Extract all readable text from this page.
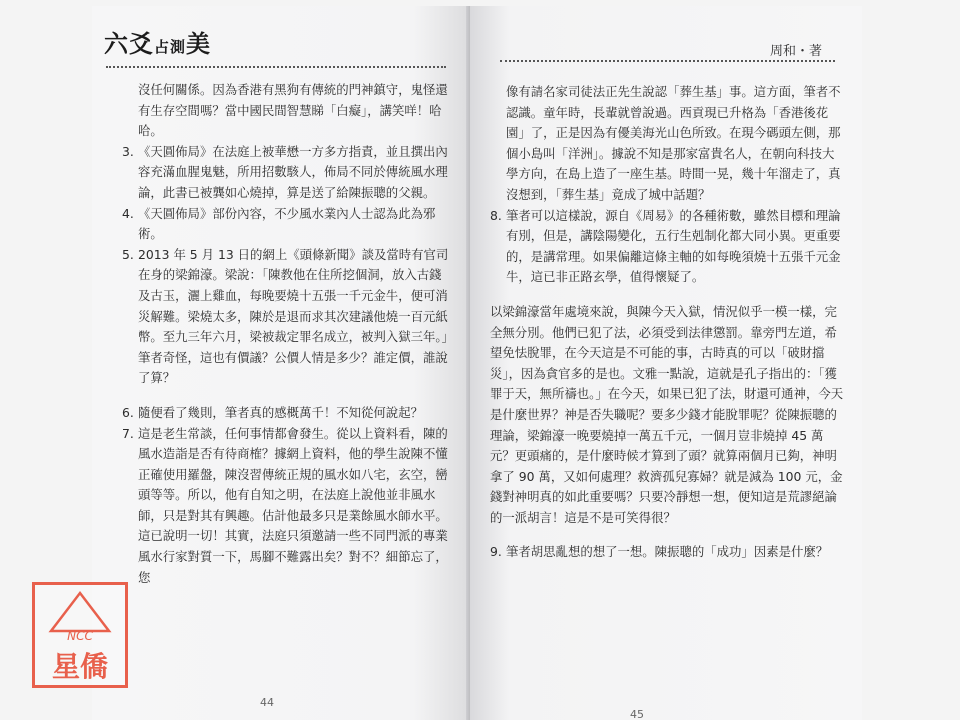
六爻占測美
沒任何關係。因為香港有黑狗有傳統的門神鎮守，鬼怪還有生存空間嗎？當中國民間智慧睇「白癡」，講笑咩！哈哈。
3. 《天圓佈局》在法庭上被華懋一方多方指責，並且撰出內容充滿血腥鬼魅，所用招數駭人，佈局不同於傳統風水理論，此書已被龔如心燒掉，算是送了給陳振聰的父親。
4. 《天圓佈局》部份內容，不少風水業內人士認為此為邪術。
5. 2013 年 5 月 13 日的網上《頭條新聞》談及當時有官司在身的梁錦濠。梁說：「陳教他在住所挖個洞，放入古錢及古玉，灑上雞血，每晚要燒十五張一千元金牛，便可消災解難。梁燒太多，陳於是退而求其次建議他燒一百元紙幣。至九三年六月，梁被裁定罪名成立，被判入獄三年。」
筆者奇怪，這也有價議？公價人情是多少？誰定價，誰說了算？
6. 隨便看了幾則，筆者真的感概萬千！不知從何說起？
7. 這是老生常談，任何事情都會發生。從以上資料看，陳的風水造詣是否有待商榷？據網上資料，他的學生說陳不懂正確使用羅盤，陳沒習傳統正規的風水如八宅，玄空，巒頭等等。所以，他有自知之明，在法庭上說他並非風水師，只是對其有興趣。估計他最多只是業餘風水師水平。這已說明一切！其實，法庭只須邀請一些不同門派的專業風水行家對質一下，馬腳不難露出矣？對不？細節忘了，您
44
周和・著
像有請名家司徒法正先生說認「葬生基」事。這方面，筆者不認識。童年時，長輩就曾說過。西貢現已升格為「香港後花園」了，正是因為有優美海光山色所致。在現今碼頭左側，那個小島叫「洋洲」。據說不知是那家富貴名人，在朝向科技大學方向，在島上造了一座生基。時間一晃，幾十年溜走了，真沒想到，「葬生基」竟成了城中話題？
8. 筆者可以這樣說，源自《周易》的各種術數，雖然目標和理論有別，但是，講陰陽變化，五行生剋制化都大同小異。更重要的，是講常理。如果偏離這條主軸的如每晚須燒十五張千元金牛，這已非正路玄學，值得懷疑了。
以梁錦濠當年處境來說，與陳今天入獄，情況似乎一模一樣，完全無分別。他們已犯了法，必須受到法律懲罰。靠旁門左道，希望免怯脫罪，在今天這是不可能的事，古時真的可以「破財擋災」，因為貪官多的是也。文雅一點說，這就是孔子指出的：「獲罪于天，無所禱也。」在今天，如果已犯了法，財還可通神，今天是什麼世界？神是否失職呢？要多少錢才能脫罪呢？從陳振聰的理論，梁錦濠一晚要燒掉一萬五千元，一個月豈非燒掉 45 萬元？更頭痛的，是什麼時候才算到了頭？就算兩個月已夠，神明拿了 90 萬，又如何處理？救濟孤兒寡婦？就是減為 100 元，金錢對神明真的如此重要嗎？只要冷靜想一想，便知這是荒謬絕論的一派胡言！這是不是可笑得很？
9. 筆者胡思亂想的想了一想。陳振聰的「成功」因素是什麼？
45
NCC
星僑
